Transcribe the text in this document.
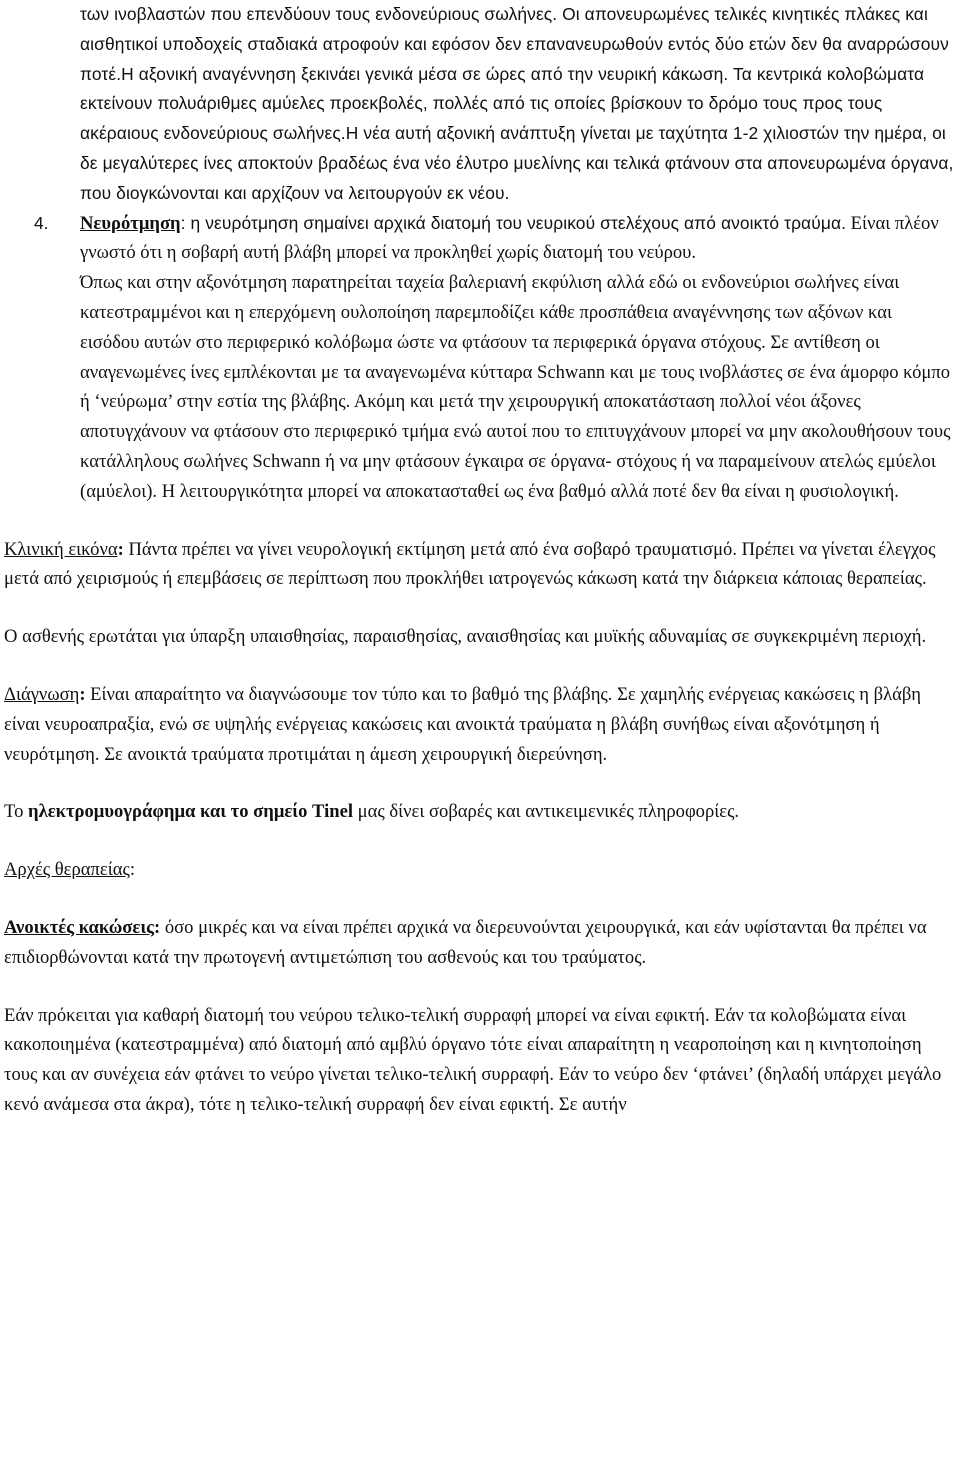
των ινοβλαστών που επενδύουν τους ενδονεύριους σωλήνες. Οι απονευρωμένες τελικές κινητικές πλάκες και αισθητικοί υποδοχείς σταδιακά ατροφούν και εφόσον δεν επανανευρωθούν εντός δύο ετών δεν θα αναρρώσουν ποτέ.Η αξονική αναγέννηση ξεκινάει γενικά μέσα σε ώρες από την νευρική κάκωση. Τα κεντρικά κολοβώματα εκτείνουν πολυάριθμες αμύελες προεκβολές, πολλές από τις οποίες βρίσκουν το δρόμο τους προς τους ακέραιους ενδονεύριους σωλήνες.Η νέα αυτή αξονική ανάπτυξη γίνεται με ταχύτητα 1-2 χιλιοστών την ημέρα, οι δε μεγαλύτερες ίνες αποκτούν βραδέως ένα νέο έλυτρο μυελίνης και τελικά φτάνουν στα απονευρωμένα όργανα, που διογκώνονται και αρχίζουν να λειτουργούν εκ νέου.

4. Νευρότμηση: η νευρότμηση σημαίνει αρχικά διατομή του νευρικού στελέχους από ανοικτό τραύμα. Είναι πλέον γνωστό ότι η σοβαρή αυτή βλάβη μπορεί να προκληθεί χωρίς διατομή του νεύρου.

Όπως και στην αξονότμηση παρατηρείται ταχεία βαλεριανή εκφύλιση αλλά εδώ οι ενδονεύριοι σωλήνες είναι κατεστραμμένοι και η επερχόμενη ουλοποίηση παρεμποδίζει κάθε προσπάθεια αναγέννησης των αξόνων και εισόδου αυτών στο περιφερικό κολόβωμα ώστε να φτάσουν τα περιφερικά όργανα στόχους. Σε αντίθεση οι αναγενωμένες ίνες εμπλέκονται με τα αναγενωμένα κύτταρα Schwann και με τους ινοβλάστες σε ένα άμορφο κόμπο ή ‘νεύρωμα’ στην εστία της βλάβης. Ακόμη και μετά την χειρουργική αποκατάσταση πολλοί νέοι άξονες αποτυγχάνουν να φτάσουν στο περιφερικό τμήμα ενώ αυτοί που το επιτυγχάνουν μπορεί να μην ακολουθήσουν τους κατάλληλους σωλήνες Schwann ή να μην φτάσουν έγκαιρα σε όργανα- στόχους ή να παραμείνουν ατελώς εμύελοι (αμύελοι). Η λειτουργικότητα μπορεί να αποκατασταθεί ως ένα βαθμό αλλά ποτέ δεν θα είναι η φυσιολογική.

Κλινική εικόνα: Πάντα πρέπει να γίνει νευρολογική εκτίμηση μετά από ένα σοβαρό τραυματισμό. Πρέπει να γίνεται έλεγχος μετά από χειρισμούς ή επεμβάσεις σε περίπτωση που προκλήθει ιατρογενώς κάκωση κατά την διάρκεια κάποιας θεραπείας.

Ο ασθενής ερωτάται για ύπαρξη υπαισθησίας, παραισθησίας, αναισθησίας και μυϊκής αδυναμίας σε συγκεκριμένη περιοχή.

Διάγνωση: Είναι απαραίτητο να διαγνώσουμε τον τύπο και το βαθμό της βλάβης. Σε χαμηλής ενέργειας κακώσεις η βλάβη είναι νευροαπραξία, ενώ σε υψηλής ενέργειας κακώσεις και ανοικτά τραύματα η βλάβη συνήθως είναι αξονότμηση ή νευρότμηση. Σε ανοικτά τραύματα προτιμάται η άμεση χειρουργική διερεύνηση.

Το ηλεκτρομυογράφημα και το σημείο Tinel μας δίνει σοβαρές και αντικειμενικές πληροφορίες.

Αρχές θεραπείας:

Ανοικτές κακώσεις: όσο μικρές και να είναι πρέπει αρχικά να διερευνούνται χειρουργικά, και εάν υφίστανται θα πρέπει να επιδιορθώνονται κατά την πρωτογενή αντιμετώπιση του ασθενούς και του τραύματος.

Εάν πρόκειται για καθαρή διατομή του νεύρου τελικο-τελική συρραφή μπορεί να είναι εφικτή. Εάν τα κολοβώματα είναι κακοποιημένα (κατεστραμμένα) από διατομή από αμβλύ όργανο τότε είναι απαραίτητη η νεαροποίηση και η κινητοποίηση τους και αν συνέχεια εάν φτάνει το νεύρο γίνεται τελικο-τελική συρραφή. Εάν το νεύρο δεν ‘φτάνει’ (δηλαδή υπάρχει μεγάλο κενό ανάμεσα στα άκρα), τότε η τελικο-τελική συρραφή δεν είναι εφικτή. Σε αυτήν
